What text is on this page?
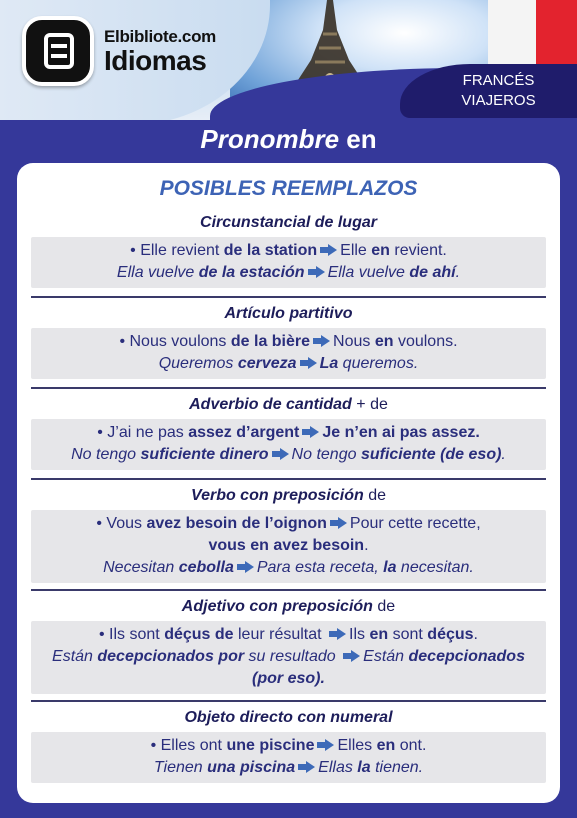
Elbibliote.com
Idiomas
FRANCÉS
VIAJEROS
Pronombre en
POSIBLES REEMPLAZOS
Circunstancial de lugar
• Elle revient de la station Elle en revient.
Ella vuelve de la estación Ella vuelve de ahí.
Artículo partitivo
• Nous voulons de la bière Nous en voulons.
Queremos cerveza La queremos.
Adverbio de cantidad + de
• J’ai ne pas assez d’argent Je n’en ai pas assez.
No tengo suficiente dinero No tengo suficiente (de eso).
Verbo con preposición de
• Vous avez besoin de l’oignon Pour cette recette,
vous en avez besoin.
Necesitan cebolla Para esta receta, la necesitan.
Adjetivo con preposición de
• Ils sont déçus de leur résultat Ils en sont déçus.
Están decepcionados por su resultado Están decepcionados
(por eso).
Objeto directo con numeral
• Elles ont une piscine Elles en ont.
Tienen una piscina Ellas la tienen.
